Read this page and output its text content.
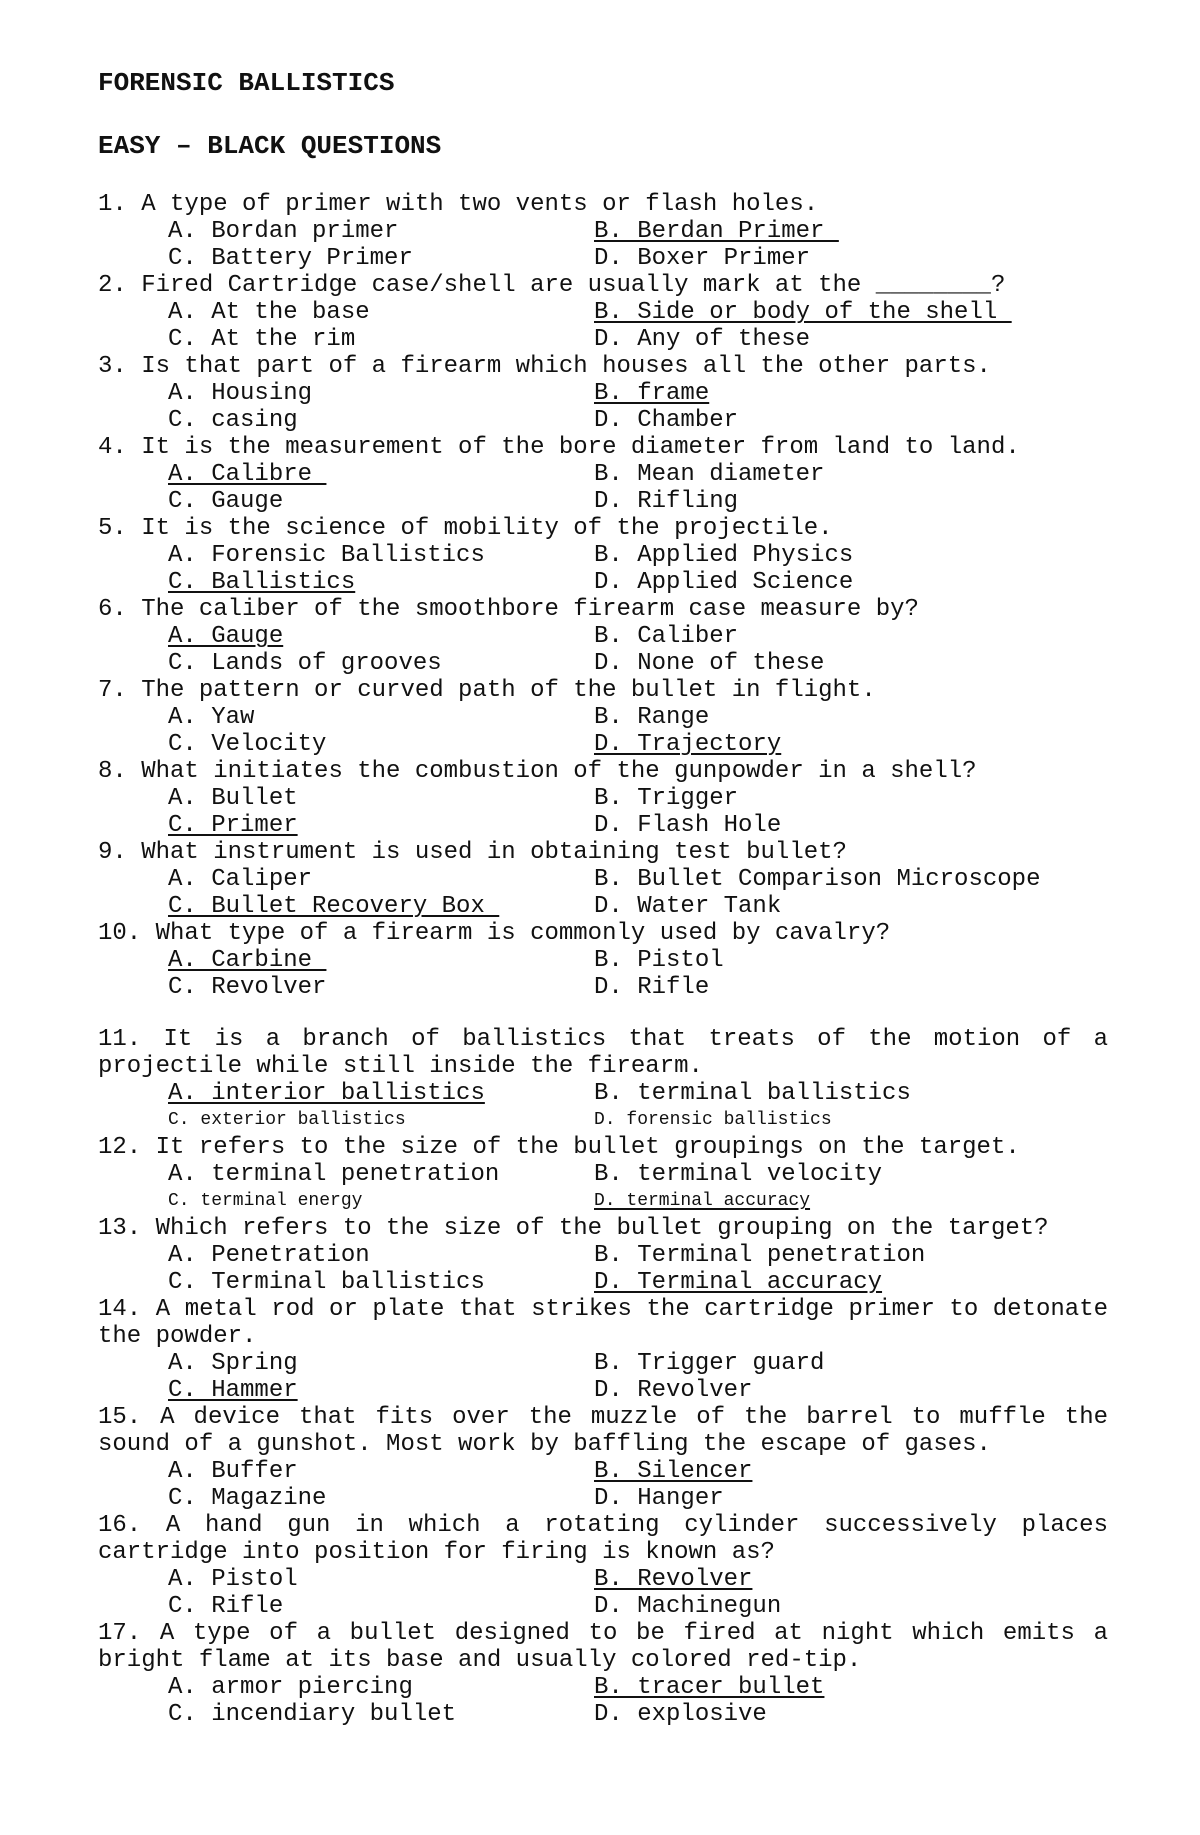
FORENSIC BALLISTICS
EASY – BLACK QUESTIONS
1. A type of primer with two vents or flash holes.
A. Bordan primer	B. Berdan Primer
C. Battery Primer	D. Boxer Primer
2. Fired Cartridge case/shell are usually mark at the ________?
A. At the base	B. Side or body of the shell
C. At the rim	D. Any of these
3. Is that part of a firearm which houses all the other parts.
A. Housing	B. frame
C. casing	D. Chamber
4. It is the measurement of the bore diameter from land to land.
A. Calibre	B. Mean diameter
C. Gauge	D. Rifling
5. It is the science of mobility of the projectile.
A. Forensic Ballistics	B. Applied Physics
C. Ballistics	D. Applied Science
6. The caliber of the smoothbore firearm case measure by?
A. Gauge	B. Caliber
C. Lands of grooves	D. None of these
7. The pattern or curved path of the bullet in flight.
A. Yaw	B. Range
C. Velocity	D. Trajectory
8. What initiates the combustion of the gunpowder in a shell?
A. Bullet	B. Trigger
C. Primer	D. Flash Hole
9. What instrument is used in obtaining test bullet?
A. Caliper	B. Bullet Comparison Microscope
C. Bullet Recovery Box	D. Water Tank
10. What type of a firearm is commonly used by cavalry?
A. Carbine	B. Pistol
C. Revolver	D. Rifle
11. It is a branch of ballistics that treats of the motion of a projectile while still inside the firearm.
A. interior ballistics	B. terminal ballistics
C. exterior ballistics	D. forensic ballistics
12. It refers to the size of the bullet groupings on the target.
A. terminal penetration	B. terminal velocity
C. terminal energy	D. terminal accuracy
13. Which refers to the size of the bullet grouping on the target?
A. Penetration	B. Terminal penetration
C. Terminal ballistics	D. Terminal accuracy
14. A metal rod or plate that strikes the cartridge primer to detonate the powder.
A. Spring	B. Trigger guard
C. Hammer	D. Revolver
15. A device that fits over the muzzle of the barrel to muffle the sound of a gunshot. Most work by baffling the escape of gases.
A. Buffer	B. Silencer
C. Magazine	D. Hanger
16. A hand gun in which a rotating cylinder successively places cartridge into position for firing is known as?
A. Pistol	B. Revolver
C. Rifle	D. Machinegun
17. A type of a bullet designed to be fired at night which emits a bright flame at its base and usually colored red-tip.
A. armor piercing	B. tracer bullet
C. incendiary bullet	D. explosive
